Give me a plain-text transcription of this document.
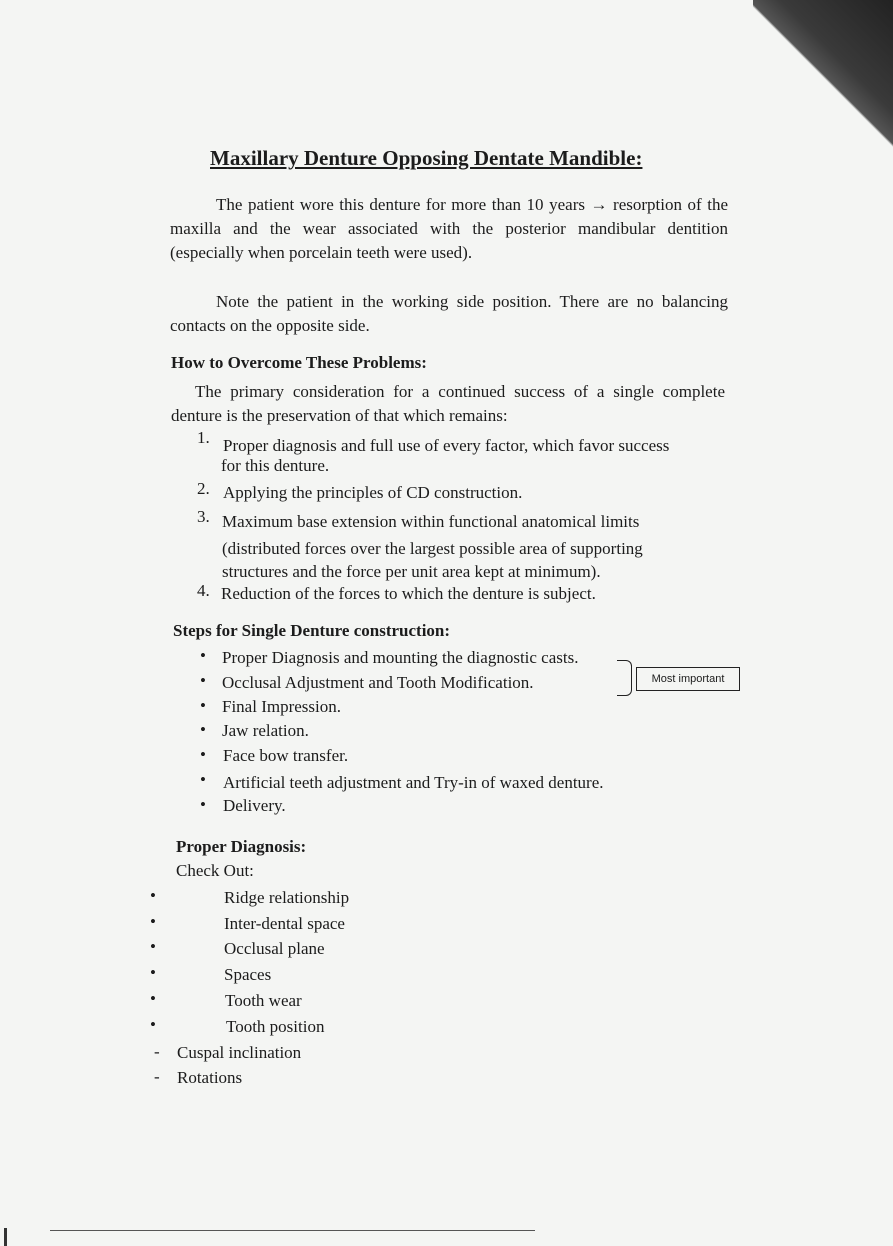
Maxillary Denture Opposing Dentate Mandible:
The patient wore this denture for more than 10 years → resorption of the maxilla and the wear associated with the posterior mandibular dentition (especially when porcelain teeth were used).
Note the patient in the working side position. There are no balancing contacts on the opposite side.
How to Overcome These Problems:
The primary consideration for a continued success of a single complete denture is the preservation of that which remains:
1. Proper diagnosis and full use of every factor, which favor success
for this denture.
2. Applying the principles of CD construction.
3. Maximum base extension within functional anatomical limits
(distributed forces over the largest possible area of supporting
structures and the force per unit area kept at minimum).
4. Reduction of the forces to which the denture is subject.
Steps for Single Denture construction:
• Proper Diagnosis and mounting the diagnostic casts.
• Occlusal Adjustment and Tooth Modification.
• Final Impression.
• Jaw relation.
• Face bow transfer.
• Artificial teeth adjustment and Try-in of waxed denture.
• Delivery.
Most important
Proper Diagnosis:
Check Out:
•	Ridge relationship
•	Inter-dental space
•	Occlusal plane
•	Spaces
•	Tooth wear
•	Tooth position
- Cuspal inclination
- Rotations
